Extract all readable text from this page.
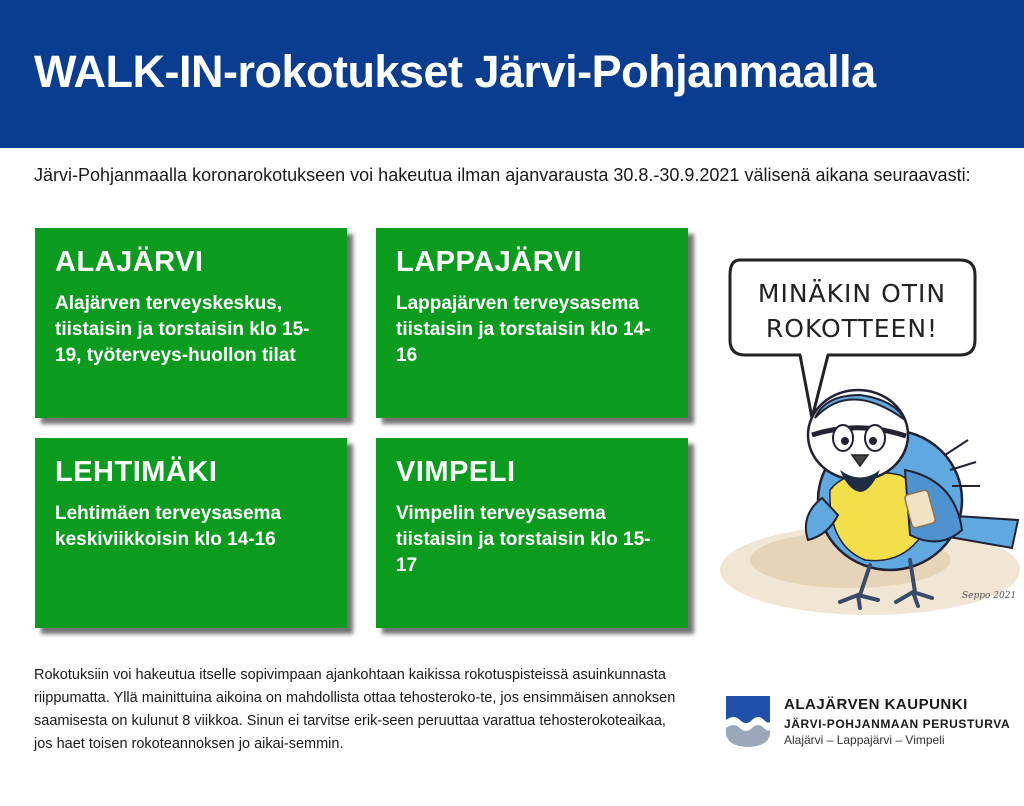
WALK-IN-rokotukset Järvi-Pohjanmaalla

Järvi-Pohjanmaalla koronarokotukseen voi hakeutua ilman ajanvarausta 30.8.-30.9.2021 välisenä aikana seuraavasti:

ALAJÄRVI

Alajärven terveyskeskus, tiistaisin ja torstaisin klo 15-19, työterveys-huollon tilat

LAPPAJÄRVI

Lappajärven terveysasema tiistaisin ja torstaisin klo 14-16

LEHTIMÄKI

Lehtimäen terveysasema keskiviikkoisin klo 14-16

VIMPELI

Vimpelin terveysasema tiistaisin ja torstaisin klo 15-17

MINÄKIN OTIN
ROKOTTEEN!
Seppo 2021

Rokotuksiin voi hakeutua itselle sopivimpaan ajankohtaan kaikissa rokotuspisteissä asuinkunnasta riippumatta. Yllä mainittuina aikoina on mahdollista ottaa tehosteroko-te, jos ensimmäisen annoksen saamisesta on kulunut 8 viikkoa. Sinun ei tarvitse erik-seen peruuttaa varattua tehosterokoteaikaa, jos haet toisen rokoteannoksen jo aikai-semmin.

ALAJÄRVEN KAUPUNKI
JÄRVI-POHJANMAAN PERUSTURVA
Alajärvi – Lappajärvi – Vimpeli
